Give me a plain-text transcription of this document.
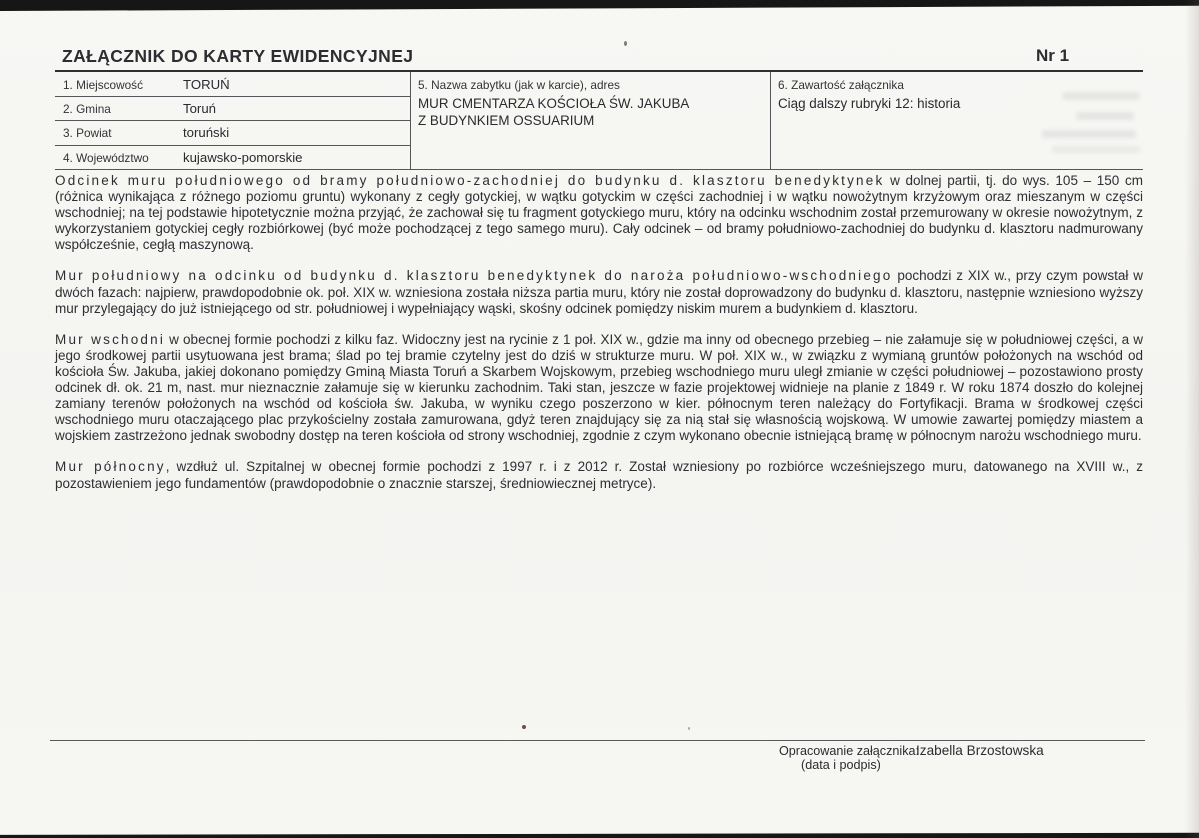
ZAŁĄCZNIK DO KARTY EWIDENCYJNEJ	Nr 1
1. Miejscowość	TORUŃ
2. Gmina	Toruń
3. Powiat	toruński
4. Województwo	kujawsko-pomorskie
5. Nazwa zabytku (jak w karcie), adres
MUR CMENTARZA KOŚCIOŁA ŚW. JAKUBA
Z BUDYNKIEM OSSUARIUM
6. Zawartość załącznika
Ciąg dalszy rubryki 12: historia

Odcinek muru południowego od bramy południowo-zachodniej do budynku d. klasztoru benedyktynek w dolnej partii, tj. do wys. 105 – 150 cm (różnica wynikająca z różnego poziomu gruntu) wykonany z cegły gotyckiej, w wątku gotyckim w części zachodniej i w wątku nowożytnym krzyżowym oraz mieszanym w części wschodniej; na tej podstawie hipotetycznie można przyjąć, że zachował się tu fragment gotyckiego muru, który na odcinku wschodnim został przemurowany w okresie nowożytnym, z wykorzystaniem gotyckiej cegły rozbiórkowej (być może pochodzącej z tego samego muru). Cały odcinek – od bramy południowo-zachodniej do budynku d. klasztoru nadmurowany współcześnie, cegłą maszynową.

Mur południowy na odcinku od budynku d. klasztoru benedyktynek do naroża południowo-wschodniego pochodzi z XIX w., przy czym powstał w dwóch fazach: najpierw, prawdopodobnie ok. poł. XIX w. wzniesiona została niższa partia muru, który nie został doprowadzony do budynku d. klasztoru, następnie wzniesiono wyższy mur przylegający do już istniejącego od str. południowej i wypełniający wąski, skośny odcinek pomiędzy niskim murem a budynkiem d. klasztoru.

Mur wschodni w obecnej formie pochodzi z kilku faz. Widoczny jest na rycinie z 1 poł. XIX w., gdzie ma inny od obecnego przebieg – nie załamuje się w południowej części, a w jego środkowej partii usytuowana jest brama; ślad po tej bramie czytelny jest do dziś w strukturze muru. W poł. XIX w., w związku z wymianą gruntów położonych na wschód od kościoła Św. Jakuba, jakiej dokonano pomiędzy Gminą Miasta Toruń a Skarbem Wojskowym, przebieg wschodniego muru uległ zmianie w części południowej – pozostawiono prosty odcinek dł. ok. 21 m, nast. mur nieznacznie załamuje się w kierunku zachodnim. Taki stan, jeszcze w fazie projektowej widnieje na planie z 1849 r. W roku 1874 doszło do kolejnej zamiany terenów położonych na wschód od kościoła św. Jakuba, w wyniku czego poszerzono w kier. północnym teren należący do Fortyfikacji. Brama w środkowej części wschodniego muru otaczającego plac przykościelny została zamurowana, gdyż teren znajdujący się za nią stał się własnością wojskową. W umowie zawartej pomiędzy miastem a wojskiem zastrzeżono jednak swobodny dostęp na teren kościoła od strony wschodniej, zgodnie z czym wykonano obecnie istniejącą bramę w północnym narożu wschodniego muru.

Mur północny, wzdłuż ul. Szpitalnej w obecnej formie pochodzi z 1997 r. i z 2012 r. Został wzniesiony po rozbiórce wcześniejszego muru, datowanego na XVIII w., z pozostawieniem jego fundamentów (prawdopodobnie o znacznie starszej, średniowiecznej metryce).

Opracowanie załącznika:
(data i podpis)
Izabella Brzostowska
